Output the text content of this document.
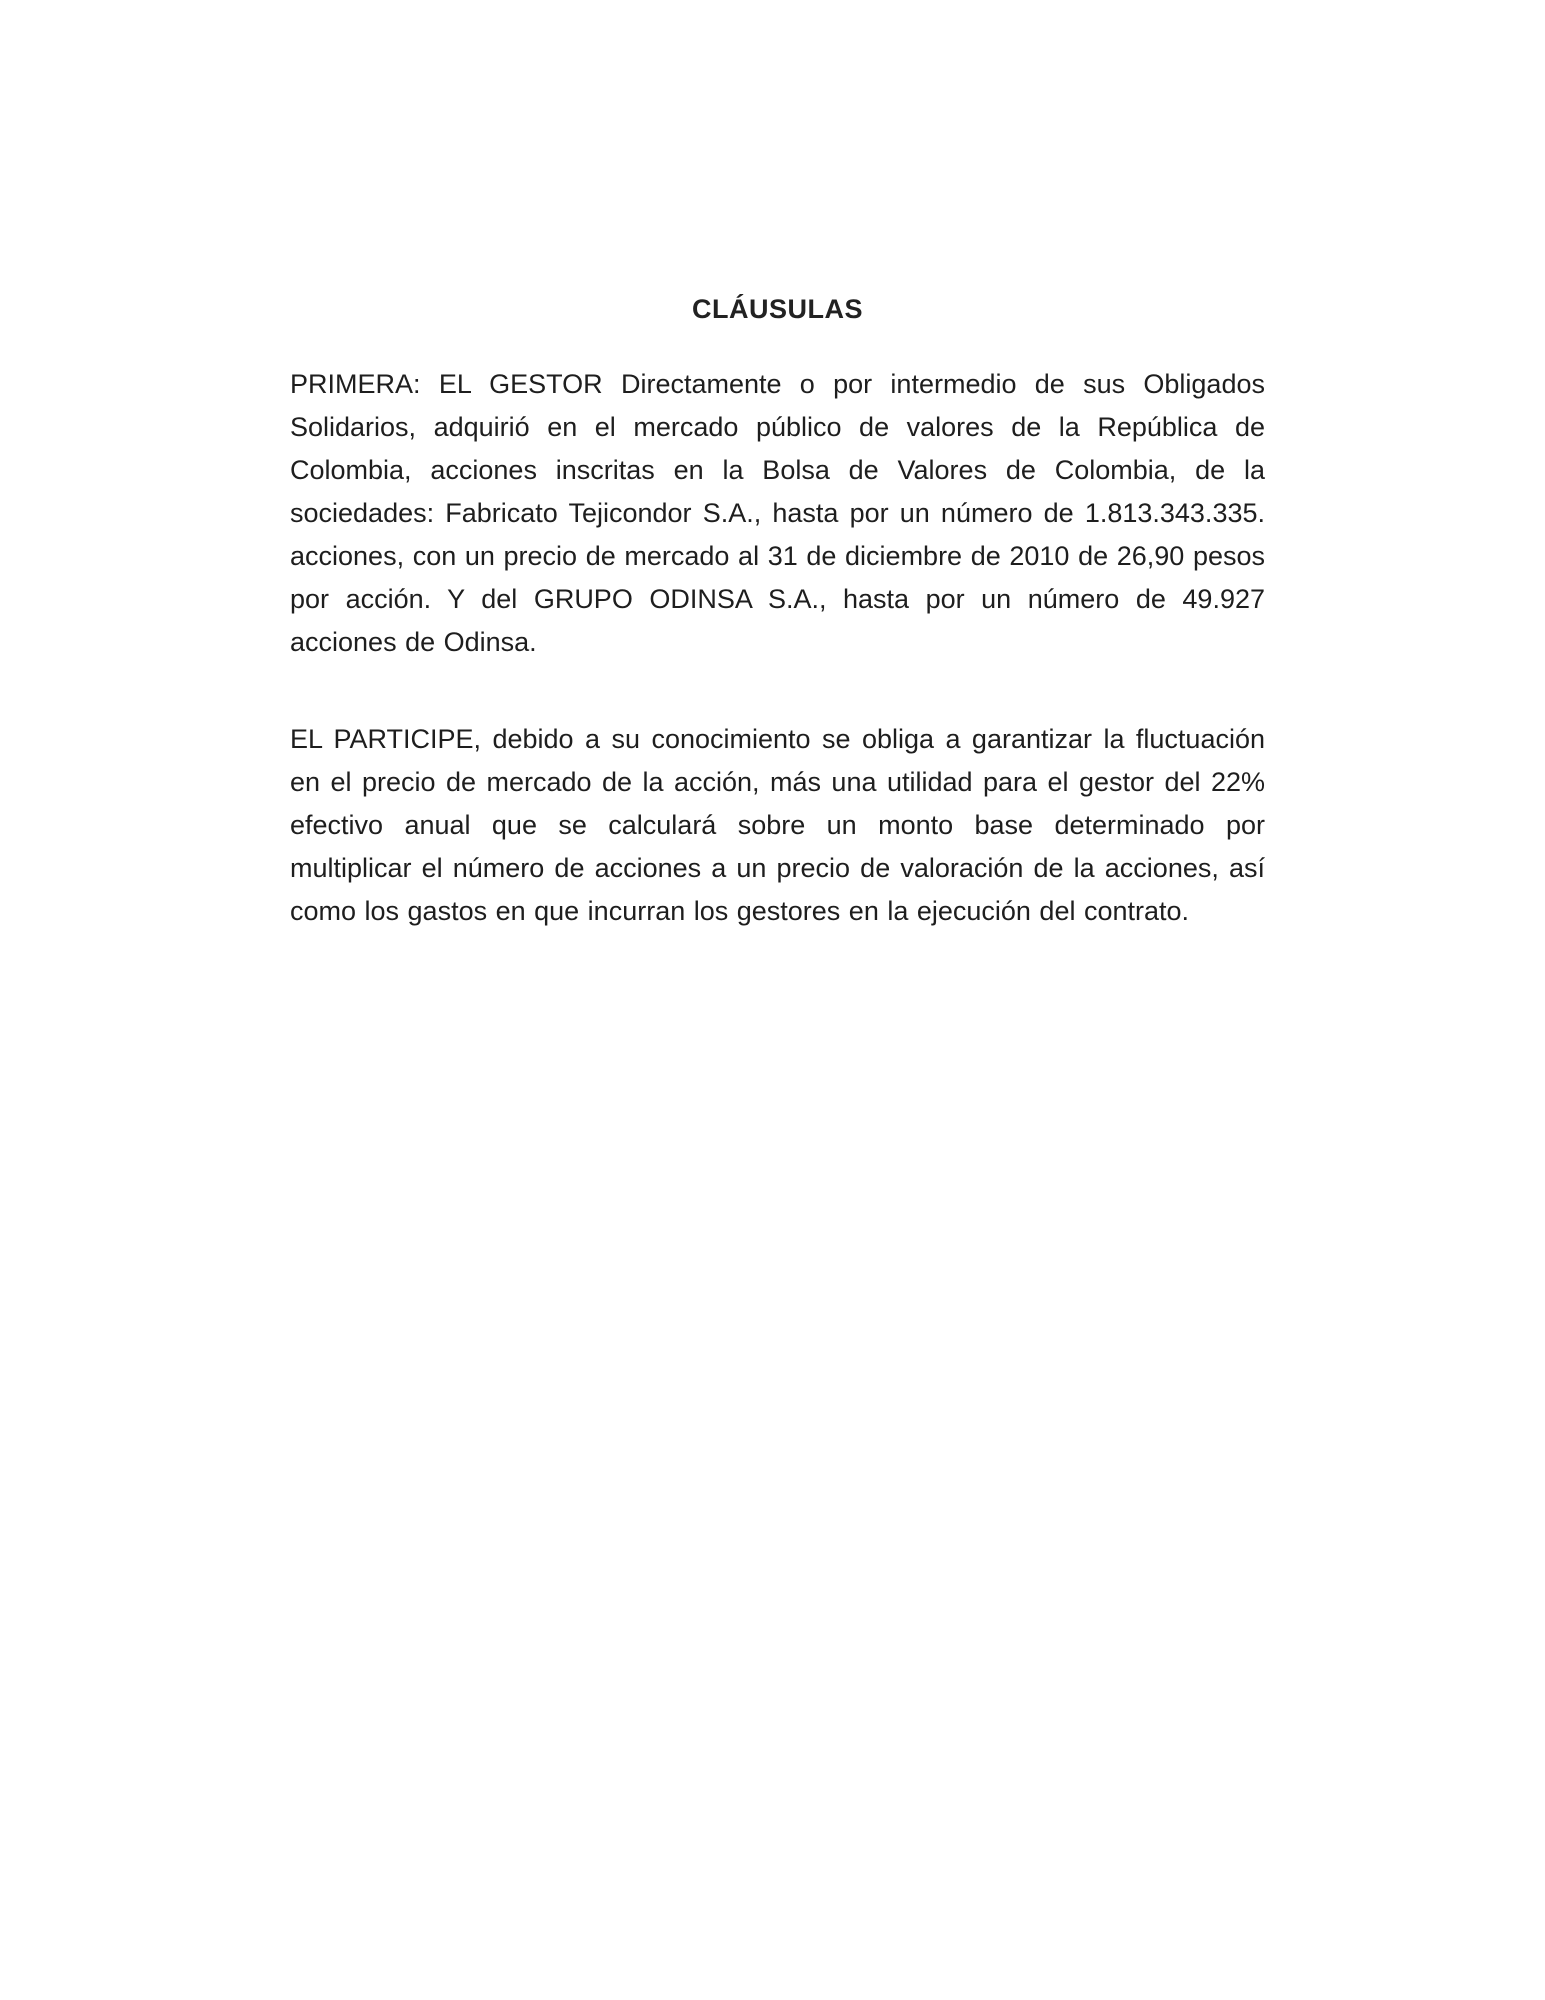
CLÁUSULAS

PRIMERA: EL GESTOR Directamente o por intermedio de sus Obligados Solidarios, adquirió en el mercado público de valores de la República de Colombia, acciones inscritas en la Bolsa de Valores de Colombia, de la sociedades: Fabricato Tejicondor S.A., hasta por un número de 1.813.343.335. acciones, con un precio de mercado al 31 de diciembre de 2010 de 26,90 pesos por acción. Y del GRUPO ODINSA S.A., hasta por un número de 49.927 acciones de Odinsa.

EL PARTICIPE, debido a su conocimiento se obliga a garantizar la fluctuación en el precio de mercado de la acción, más una utilidad para el gestor del 22% efectivo anual que se calculará sobre un monto base determinado por multiplicar el número de acciones a un precio de valoración de la acciones, así como los gastos en que incurran los gestores en la ejecución del contrato.
